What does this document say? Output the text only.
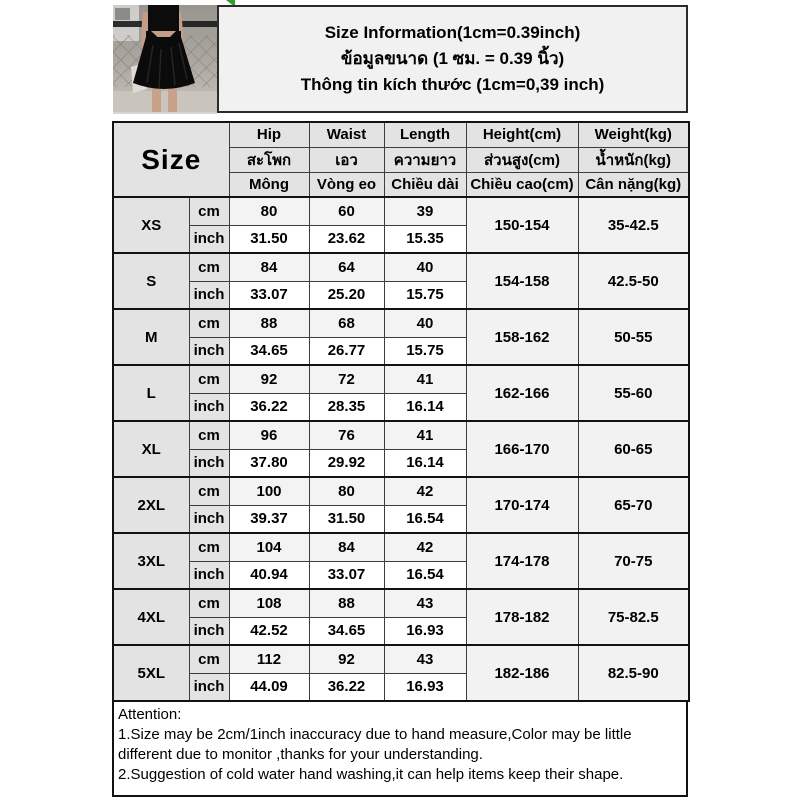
Size Information(1cm=0.39inch)
ข้อมูลขนาด (1 ซม. = 0.39 นิ้ว)
Thông tin kích thước (1cm=0,39 inch)
Size		Hip	Waist	Length	Height(cm)	Weight(kg)
		สะโพก	เอว	ความยาว	ส่วนสูง(cm)	น้ำหนัก(kg)
		Mông	Vòng eo	Chiều dài	Chiều cao(cm)	Cân nặng(kg)
XS	cm	80	60	39	150-154	35-42.5
	inch	31.50	23.62	15.35		
S	cm	84	64	40	154-158	42.5-50
	inch	33.07	25.20	15.75		
M	cm	88	68	40	158-162	50-55
	inch	34.65	26.77	15.75		
L	cm	92	72	41	162-166	55-60
	inch	36.22	28.35	16.14		
XL	cm	96	76	41	166-170	60-65
	inch	37.80	29.92	16.14		
2XL	cm	100	80	42	170-174	65-70
	inch	39.37	31.50	16.54		
3XL	cm	104	84	42	174-178	70-75
	inch	40.94	33.07	16.54		
4XL	cm	108	88	43	178-182	75-82.5
	inch	42.52	34.65	16.93		
5XL	cm	112	92	43	182-186	82.5-90
	inch	44.09	36.22	16.93		
Attention:
1.Size may be 2cm/1inch inaccuracy due to hand measure,Color may be little different due to monitor ,thanks for your understanding.
2.Suggestion of cold water hand washing,it can help items keep their shape.
